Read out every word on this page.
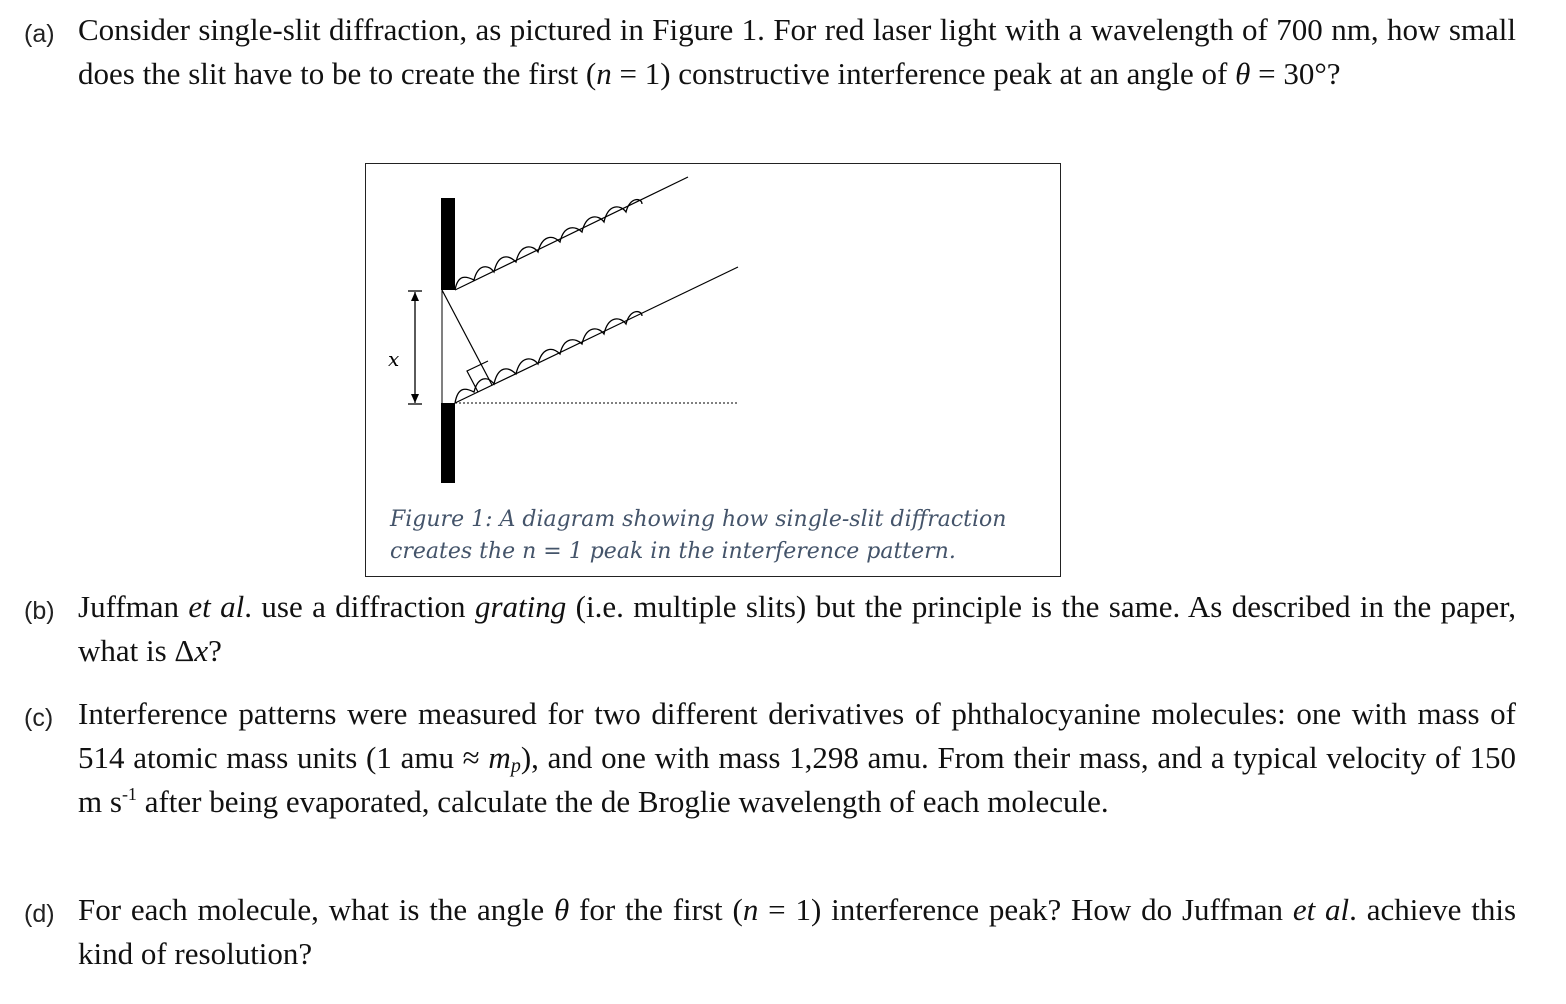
(a) Consider single-slit diffraction, as pictured in Figure 1. For red laser light with a wavelength of 700 nm, how small does the slit have to be to create the first (n = 1) constructive interference peak at an angle of θ = 30°?

x

Figure 1: A diagram showing how single-slit diffraction
creates the n = 1 peak in the interference pattern.

(b) Juffman et al. use a diffraction grating (i.e. multiple slits) but the principle is the same. As described in the paper, what is Δx?

(c) Interference patterns were measured for two different derivatives of phthalocyanine molecules: one with mass of 514 atomic mass units (1 amu ≈ $m_p$), and one with mass 1,298 amu. From their mass, and a typical velocity of 150 m $s^{-1}$ after being evaporated, calculate the de Broglie wavelength of each molecule.

(d) For each molecule, what is the angle θ for the first (n = 1) interference peak? How do Juffman et al. achieve this kind of resolution?
